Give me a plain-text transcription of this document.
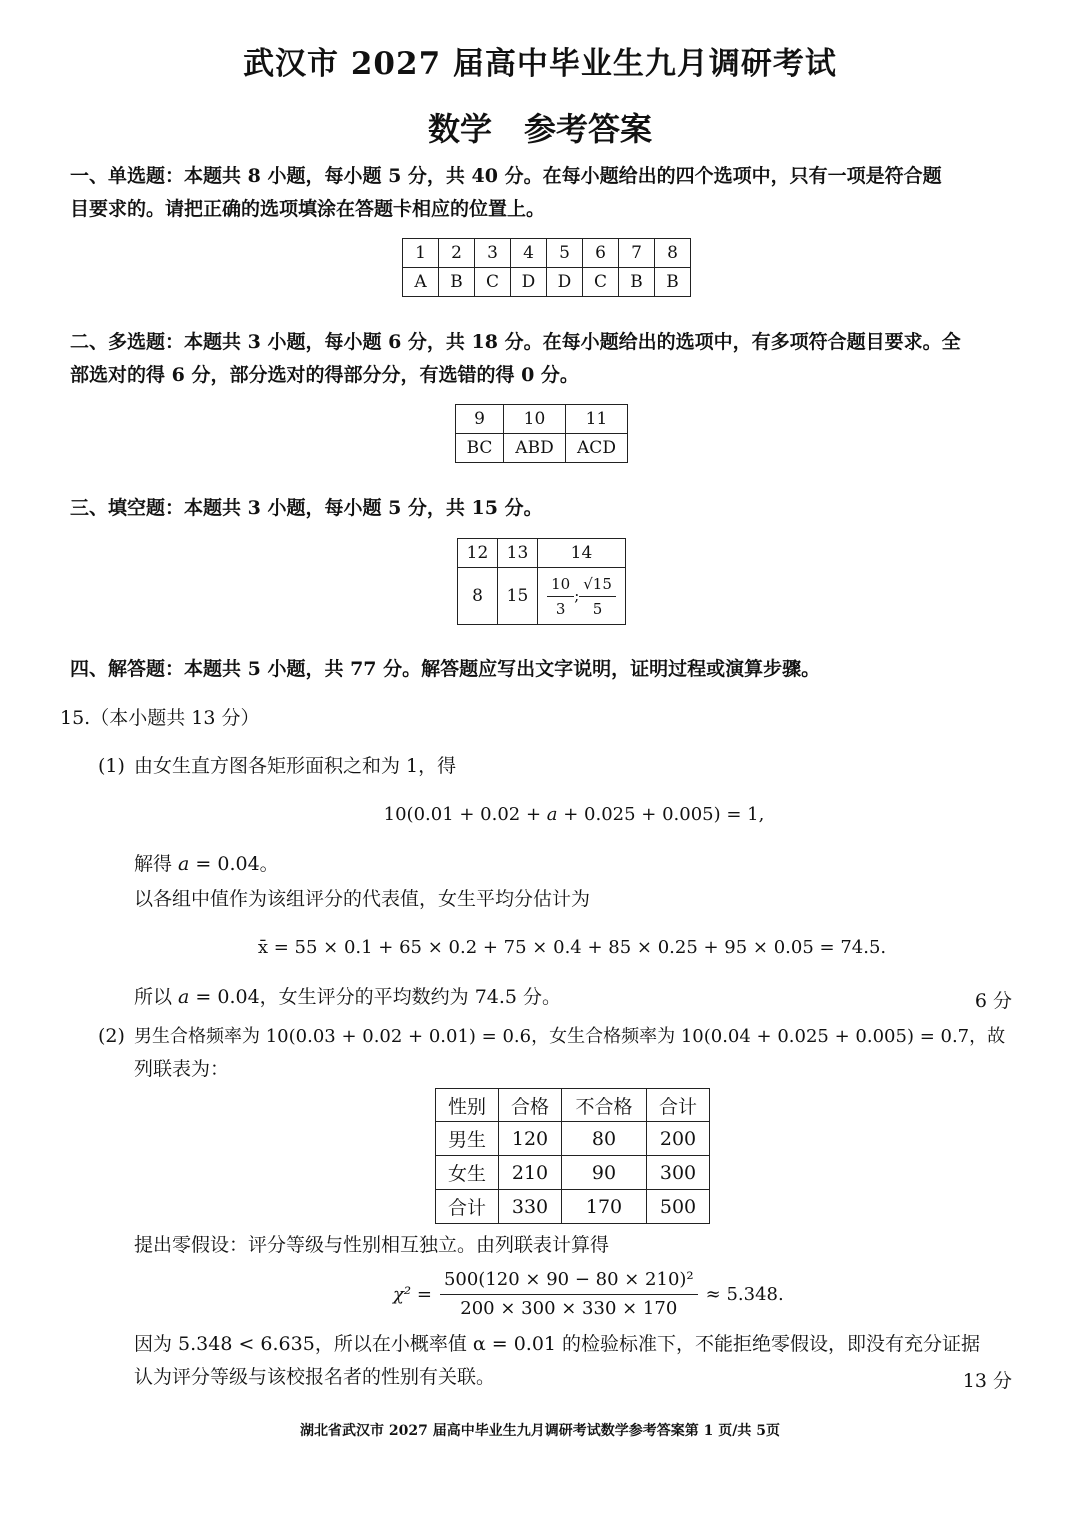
武汉市 2027 届高中毕业生九月调研考试
数学　参考答案
一、单选题：本题共 8 小题，每小题 5 分，共 40 分。在每小题给出的四个选项中，只有一项是符合题
目要求的。请把正确的选项填涂在答题卡相应的位置上。
1	2	3	4	5	6	7	8
A	B	C	D	D	C	B	B
二、多选题：本题共 3 小题，每小题 6 分，共 18 分。在每小题给出的选项中，有多项符合题目要求。全
部选对的得 6 分，部分选对的得部分分，有选错的得 0 分。
9	10	11
BC	ABD	ACD
三、填空题：本题共 3 小题，每小题 5 分，共 15 分。
12	13	14
8	15	$\frac{10}{3}$ ; $\frac{√15}{5}$
四、解答题：本题共 5 小题，共 77 分。解答题应写出文字说明，证明过程或演算步骤。
15.（本小题共 13 分）
(1) 由女生直方图各矩形面积之和为 1，得
10(0.01 + 0.02 + 𝑎 + 0.025 + 0.005) = 1,
解得 𝑎 = 0.04。
以各组中值作为该组评分的代表值，女生平均分估计为
x̄ = 55 × 0.1 + 65 × 0.2 + 75 × 0.4 + 85 × 0.25 + 95 × 0.05 = 74.5.
所以 𝑎 = 0.04，女生评分的平均数约为 74.5 分。	6 分
(2) 男生合格频率为 10(0.03 + 0.02 + 0.01) = 0.6，女生合格频率为 10(0.04 + 0.025 + 0.005) = 0.7，故
列联表为：
性别	合格	不合格	合计
男生	120	80	200
女生	210	90	300
合计	330	170	500
提出零假设：评分等级与性别相互独立。由列联表计算得
$\chi^2 = \frac{\text{500(120 × 90 − 80 × 210)²}}{200 \times 300 \times 330 \times 170} \approx 5.348$.
因为 5.348 < 6.635，所以在小概率值 α = 0.01 的检验标准下，不能拒绝零假设，即没有充分证据
认为评分等级与该校报名者的性别有关联。	13 分
湖北省武汉市 2027 届高中毕业生九月调研考试数学参考答案第 1 页/共 5页
